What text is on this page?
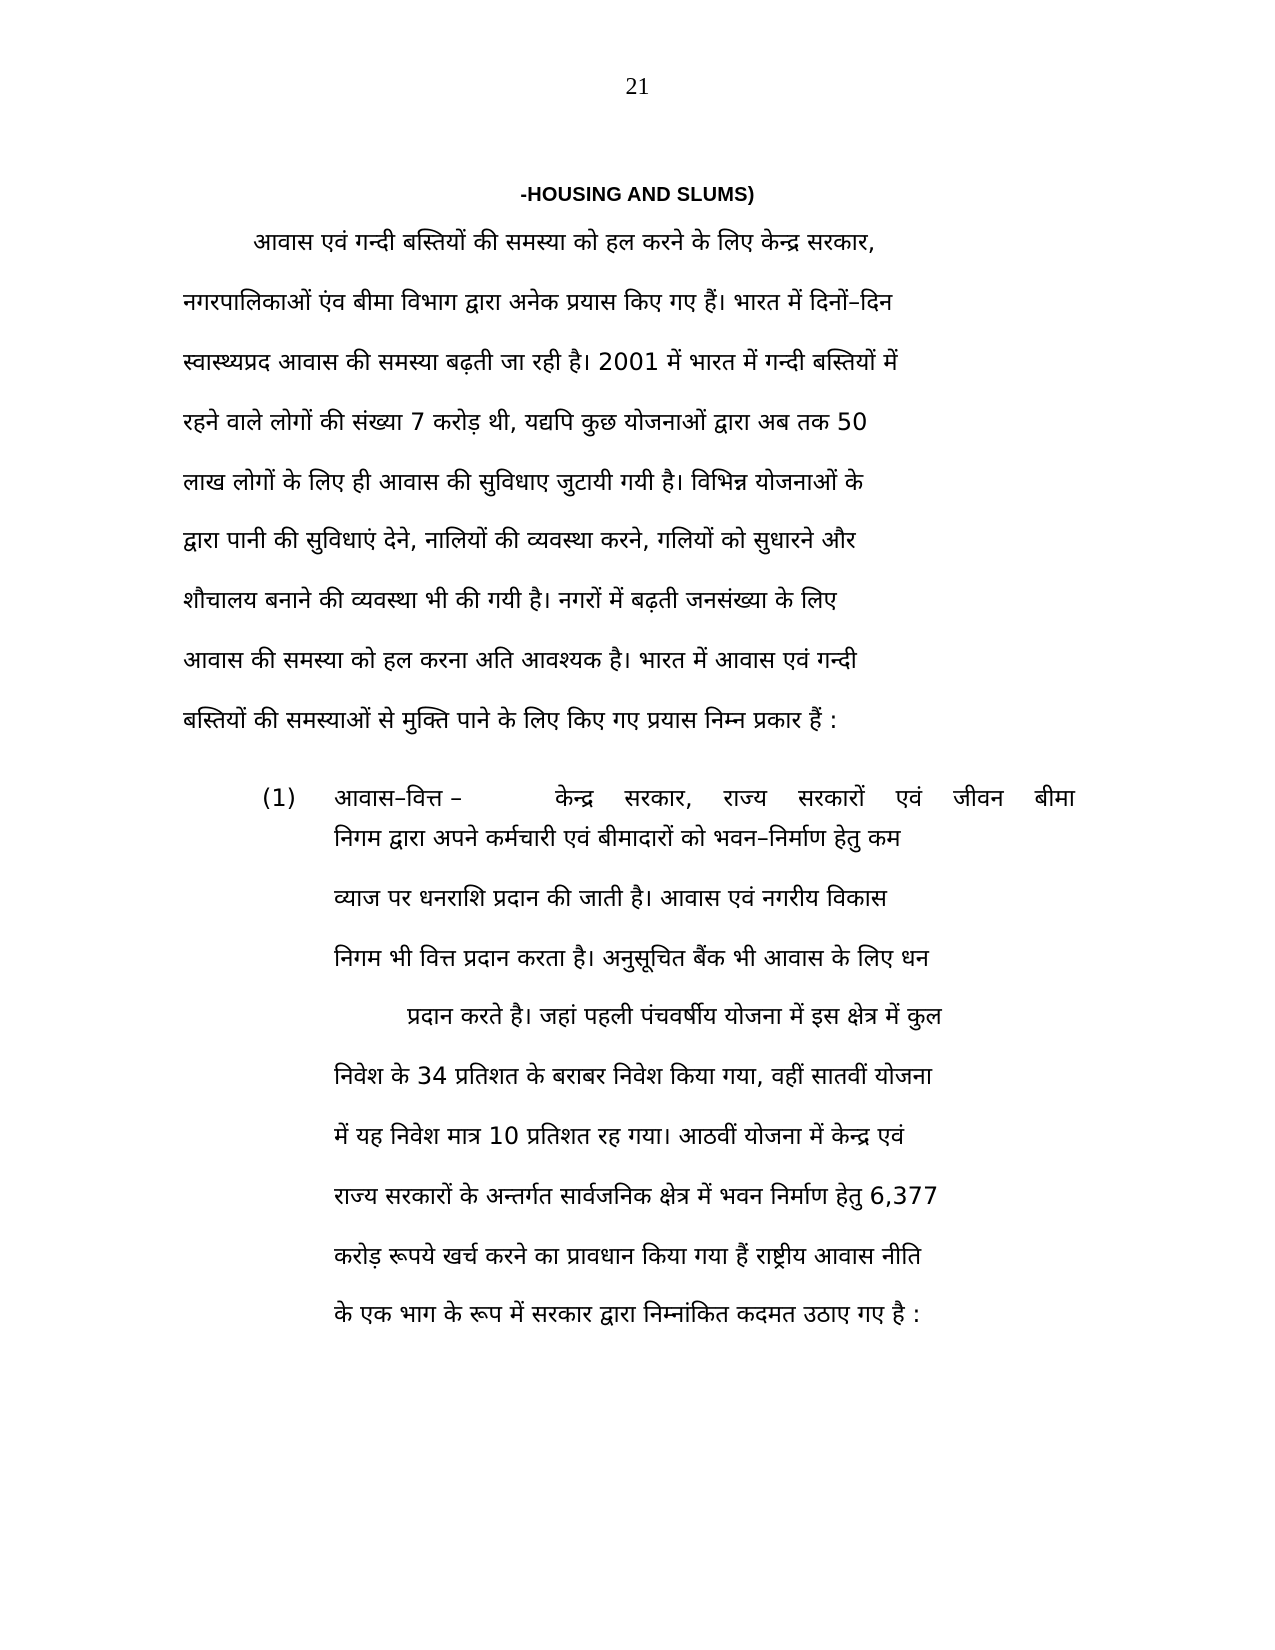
21
-HOUSING AND SLUMS)
आवास एवं गन्दी बस्तियों की समस्या को हल करने के लिए केन्द्र सरकार,
नगरपालिकाओं एंव बीमा विभाग द्वारा अनेक प्रयास किए गए हैं। भारत में दिनों–दिन
स्वास्थ्यप्रद आवास की समस्या बढ़ती जा रही है। 2001 में भारत में गन्दी बस्तियों में
रहने वाले लोगों की संख्या 7 करोड़ थी, यद्यपि कुछ योजनाओं द्वारा अब तक 50
लाख लोगों के लिए ही आवास की सुविधाए जुटायी गयी है। विभिन्न योजनाओं के
द्वारा पानी की सुविधाएं देने, नालियों की व्यवस्था करने, गलियों को सुधारने और
शौचालय बनाने की व्यवस्था भी की गयी है। नगरों में बढ़ती जनसंख्या के लिए
आवास की समस्या को हल करना अति आवश्यक है। भारत में आवास एवं गन्दी
बस्तियों की समस्याओं से मुक्ति पाने के लिए किए गए प्रयास निम्न प्रकार हैं :
(1) आवास–वित्त –	केन्द्र सरकार, राज्य सरकारों एवं जीवन बीमा
निगम द्वारा अपने कर्मचारी एवं बीमादारों को भवन–निर्माण हेतु कम
व्याज पर धनराशि प्रदान की जाती है। आवास एवं नगरीय विकास
निगम भी वित्त प्रदान करता है। अनुसूचित बैंक भी आवास के लिए धन
प्रदान करते है। जहां पहली पंचवर्षीय योजना में इस क्षेत्र में कुल
निवेश के 34 प्रतिशत के बराबर निवेश किया गया, वहीं सातवीं योजना
में यह निवेश मात्र 10 प्रतिशत रह गया। आठवीं योजना में केन्द्र एवं
राज्य सरकारों के अन्तर्गत सार्वजनिक क्षेत्र में भवन निर्माण हेतु 6,377
करोड़ रूपये खर्च करने का प्रावधान किया गया हैं राष्ट्रीय आवास नीति
के एक भाग के रूप में सरकार द्वारा निम्नांकित कदमत उठाए गए है :
